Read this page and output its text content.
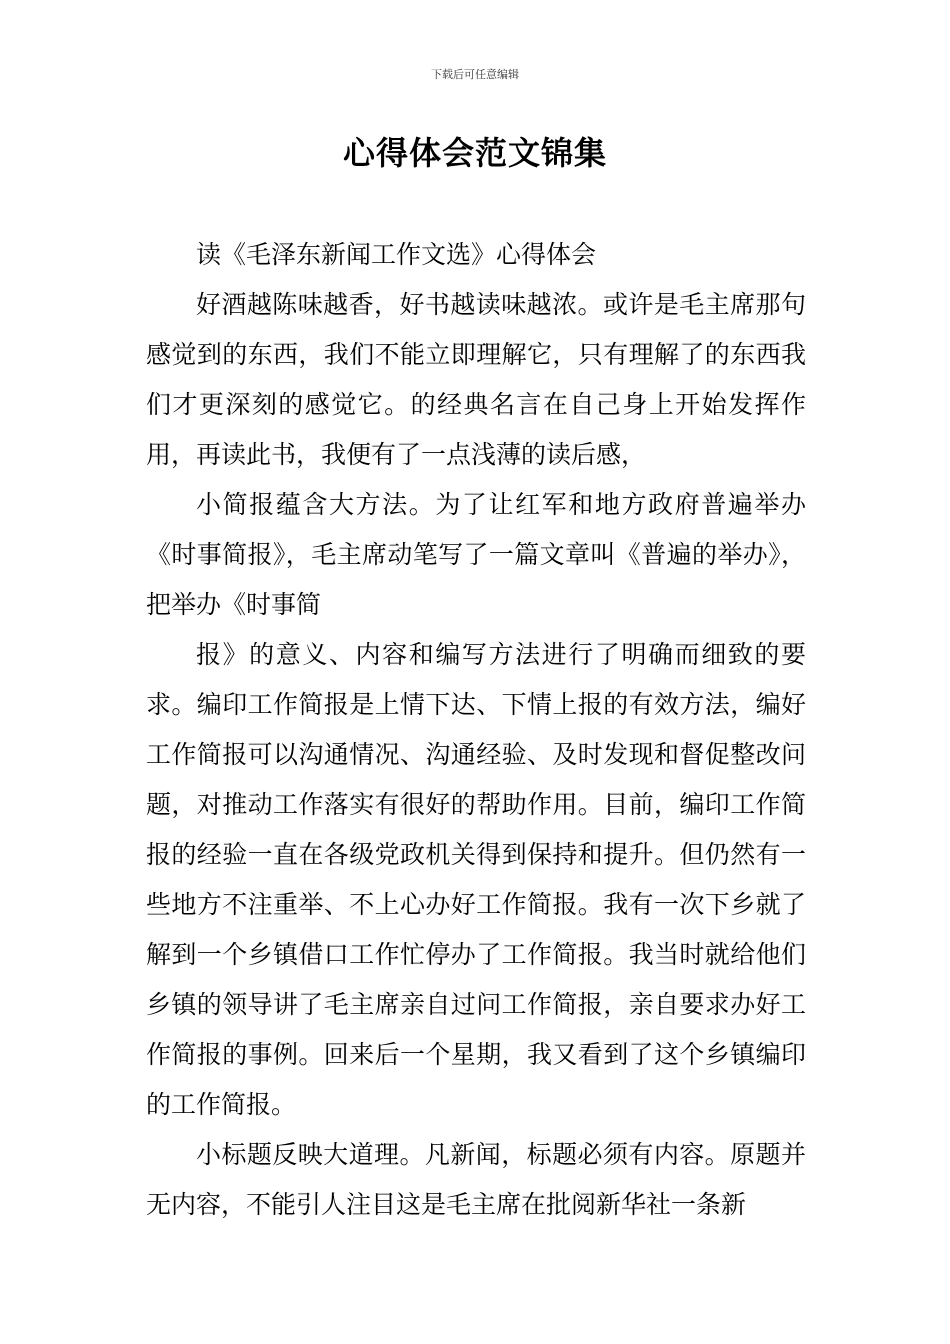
下载后可任意编辑
心得体会范文锦集

读《毛泽东新闻工作文选》心得体会

好酒越陈味越香，好书越读味越浓。或许是毛主席那句感觉到的东西，我们不能立即理解它，只有理解了的东西我们才更深刻的感觉它。的经典名言在自己身上开始发挥作用，再读此书，我便有了一点浅薄的读后感，

小简报蕴含大方法。为了让红军和地方政府普遍举办《时事简报》，毛主席动笔写了一篇文章叫《普遍的举办》，把举办《时事简

报》的意义、内容和编写方法进行了明确而细致的要求。编印工作简报是上情下达、下情上报的有效方法，编好工作简报可以沟通情况、沟通经验、及时发现和督促整改问题，对推动工作落实有很好的帮助作用。目前，编印工作简报的经验一直在各级党政机关得到保持和提升。但仍然有一些地方不注重举、不上心办好工作简报。我有一次下乡就了解到一个乡镇借口工作忙停办了工作简报。我当时就给他们乡镇的领导讲了毛主席亲自过问工作简报，亲自要求办好工作简报的事例。回来后一个星期，我又看到了这个乡镇编印的工作简报。

小标题反映大道理。凡新闻，标题必须有内容。原题并无内容，不能引人注目这是毛主席在批阅新华社一条新
